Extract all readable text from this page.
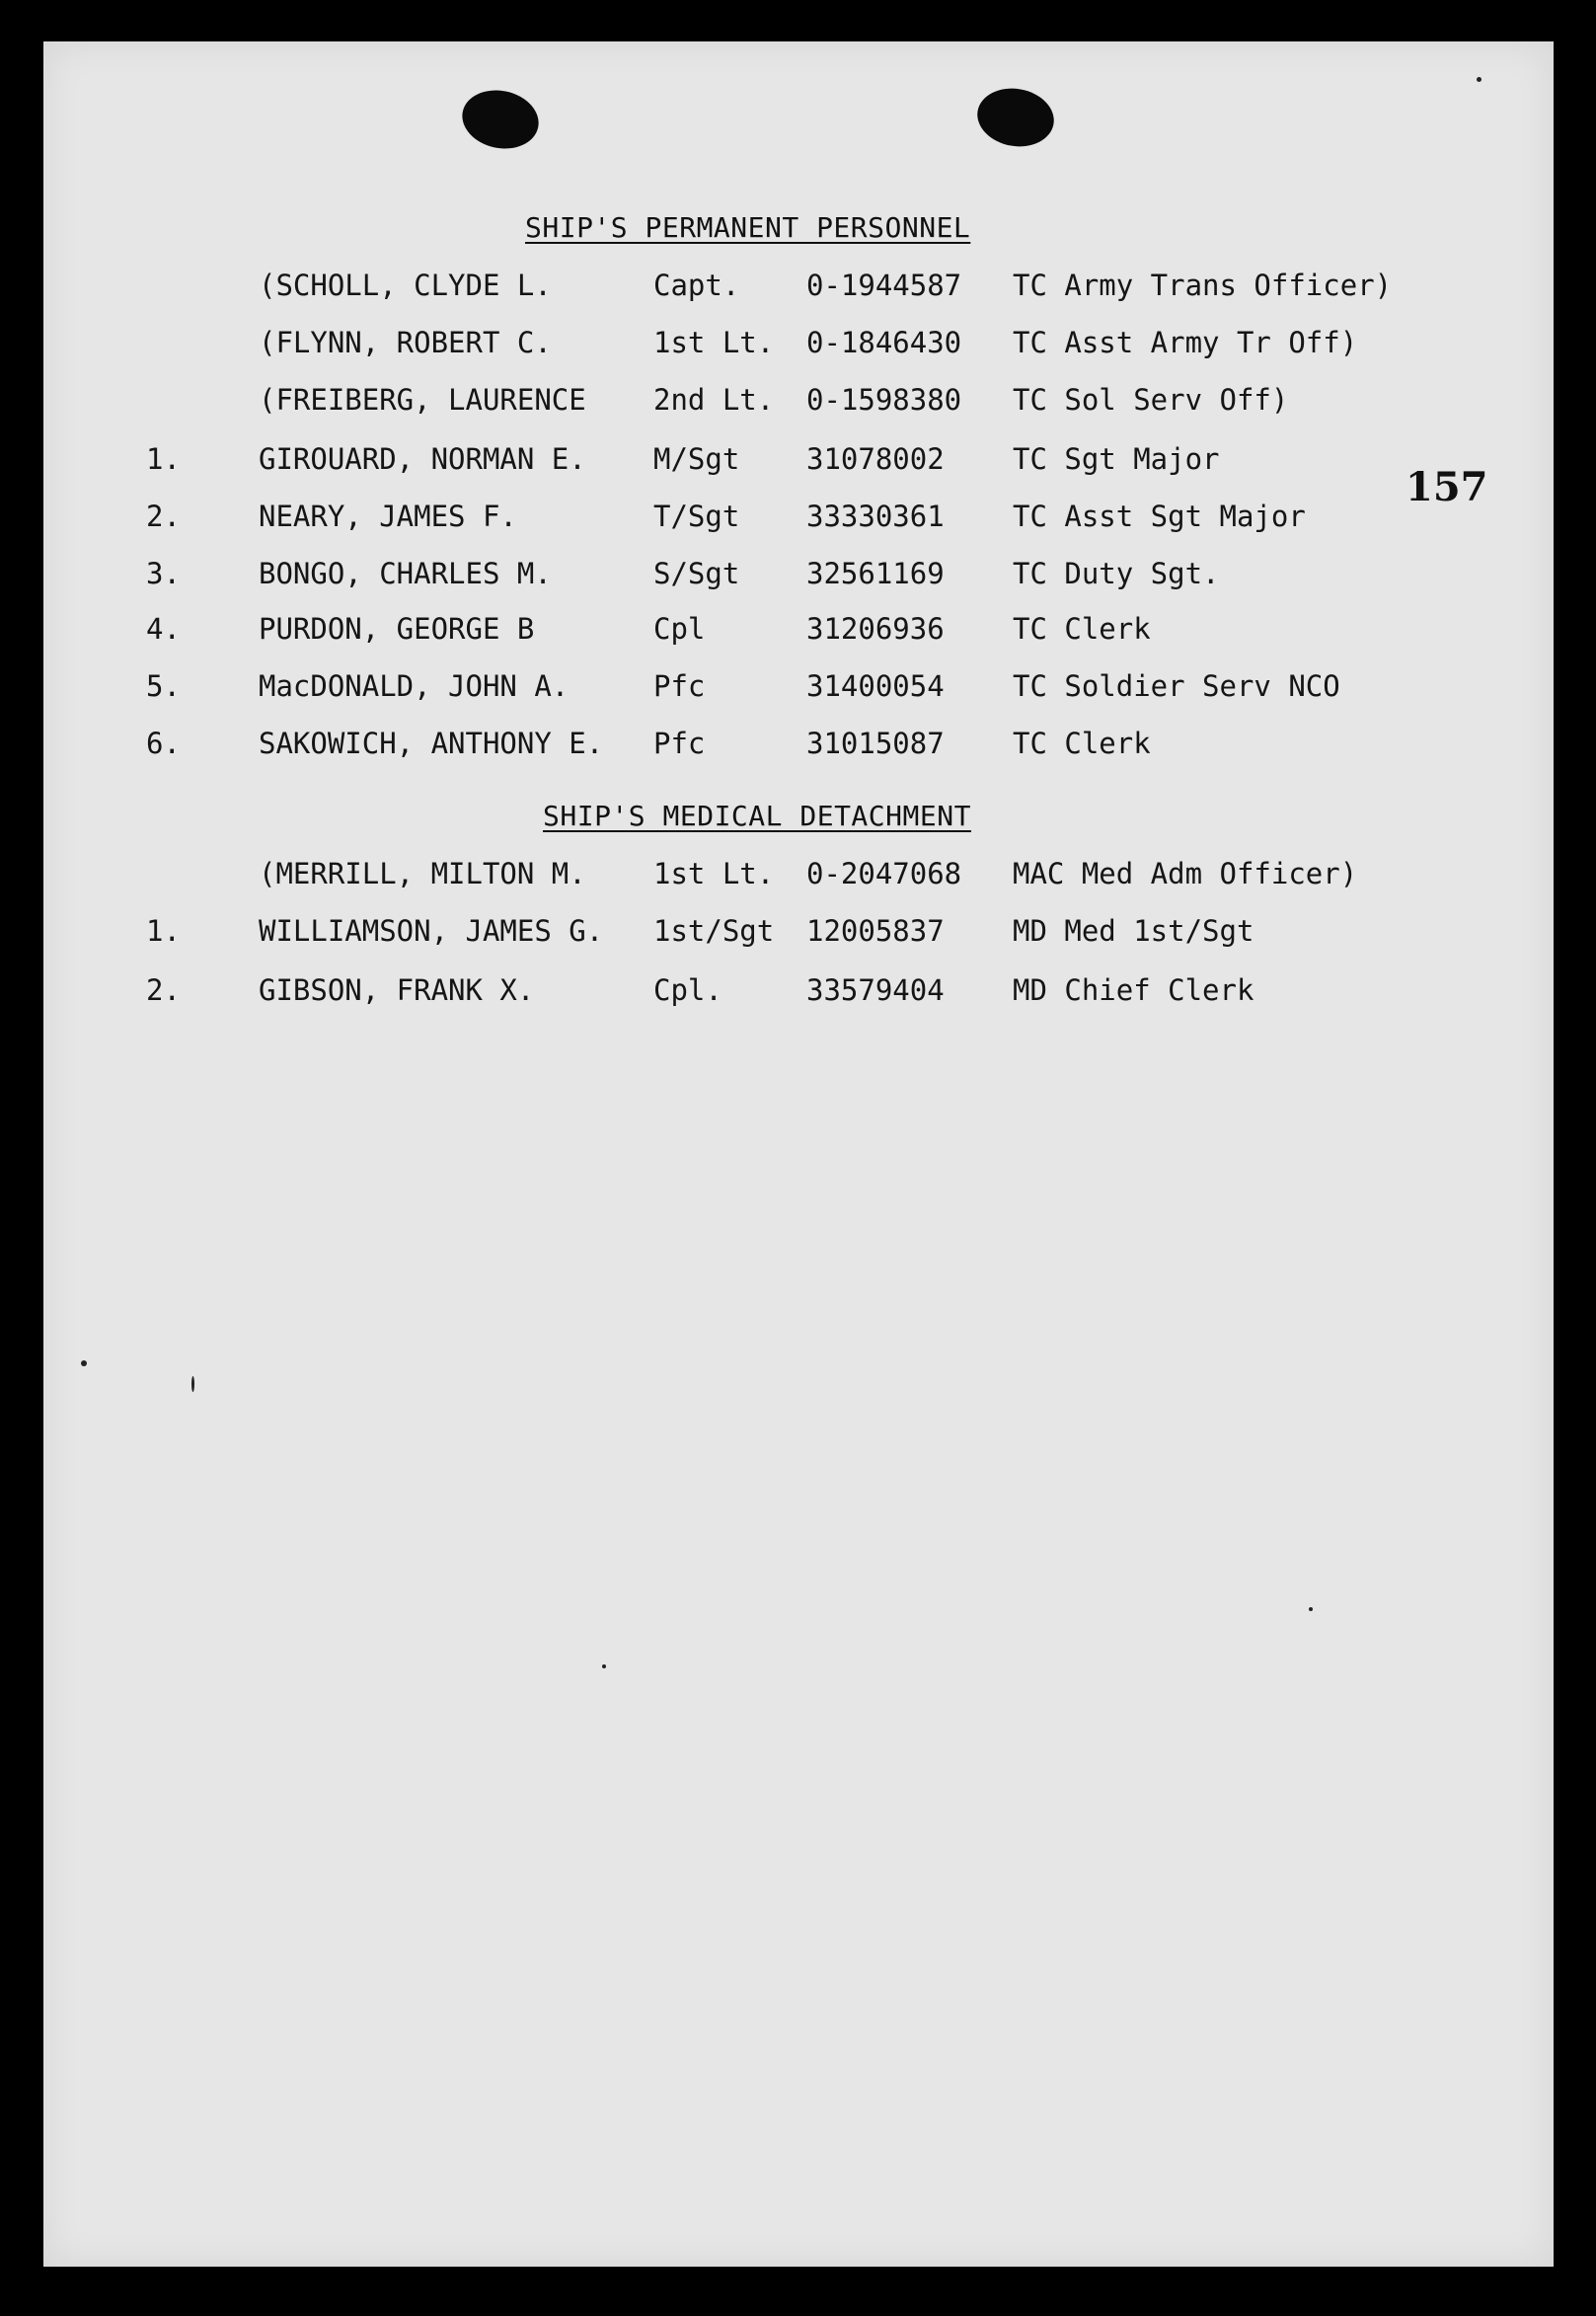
SHIP'S PERMANENT PERSONNEL
(SCHOLL, CLYDE L.	Capt. 0-1944587 TC Army Trans Officer)
(FLYNN, ROBERT C.	1st Lt. 0-1846430 TC Asst Army Tr Off)
(FREIBERG, LAURENCE 2nd Lt. 0-1598380 TC Sol Serv Off)
1.	GIROUARD, NORMAN E. M/Sgt 31078002 TC Sgt Major
2.	NEARY, JAMES F.	T/Sgt 33330361 TC Asst Sgt Major
3.	BONGO, CHARLES M.	S/Sgt 32561169 TC Duty Sgt.
4.	PURDON, GEORGE B	Cpl	31206936 TC Clerk
5.	MacDONALD, JOHN A.	Pfc	31400054 TC Soldier Serv NCO
6.	SAKOWICH, ANTHONY E. Pfc	31015087 TC Clerk
SHIP'S MEDICAL DETACHMENT
(MERRILL, MILTON M. 1st Lt. 0-2047068 MAC Med Adm Officer)
1.	WILLIAMSON, JAMES G. 1st/Sgt 12005837 MD Med 1st/Sgt
2.	GIBSON, FRANK X.	Cpl.	33579404 MD Chief Clerk
157
